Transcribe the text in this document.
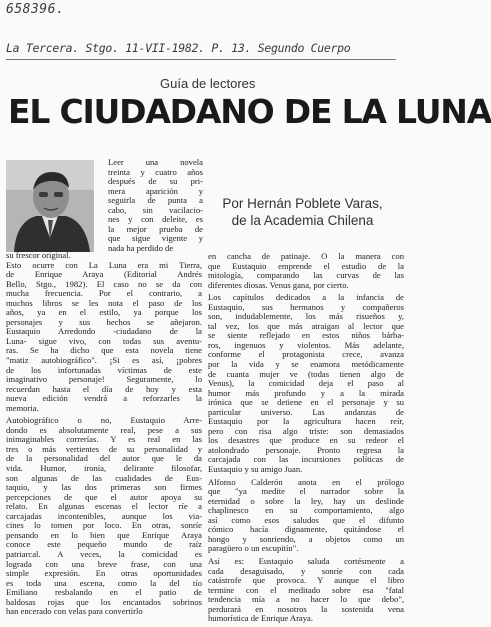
658396.
La Tercera. Stgo. 11-VII-1982. P. 13. Segundo Cuerpo
Guía de lectores
EL CIUDADANO DE LA LUNA
Por Hernán Poblete Varas,
de la Academia Chilena
Leer una novela
treinta y cuatro años
después de su pri-
mera aparición y
seguirla de punta a
cabo, sin vacilacio-
nes y con deleite, es
la mejor prueba de
que sigue vigente y
nada ha perdido de
su frescor original.
Esto ocurre con La Luna era mi Tierra,
de Enrique Araya (Editorial Andrés
Bello, Stgo., 1982). El caso no se da con
mucha frecuencia. Por el contrario, a
muchos libros se les nota el paso de los
años, ya en el estilo, ya porque los
personajes y sus hechos se añejaron.
Eustaquio Arredondo -ciudadano de la
Luna- sigue vivo, con todas sus aventu-
ras. Se ha dicho que esta novela tiene
"matiz autobiográfico". ¡Si es así, ¡pobres
de los infortunadas víctimas de este
imaginativo personaje! Seguramente, lo
recuerdan hasta el día de hoy y esta
nueva edición vendrá a reforzarles la
memoria.
Autobiográfico o no, Eustaquio Arre-
dondo es absolutamente real, pese a sus
inimaginables correrías. Y es real en las
tres o más vertientes de su personalidad y
de la personalidad del autor que le da
vida. Humor, ironía, delirante filosofar,
son algunas de las cualidades de Eus-
taquio, y las dos primeras son firmes
percepciones de que el autor apoya su
relato. En algunas escenas el lector ríe a
carcajadas incontenibles, aunque los via-
cines lo tomen por loco. En otras, sonríe
pensando en lo bien que Enrique Araya
conoce este pequeño mundo de raíz
patriarcal. A veces, la comicidad es
lograda con una breve frase, con una
simple expresión. En otras oportunidades
es toda una escena, como la del tío
Emiliano resbalando en el patio de
baldosas rojas que los encantados sobrinos
han encerado con velas para convertirlo
en cancha de patinaje. O la manera con
que Eustaquio emprende el estudio de la
mitología, comparando las curvas de las
diferentes diosas. Venus gana, por cierto.
Los capítulos dedicados a la infancia de
Eustaquio, sus hermanos y compañeros
son, indudablemente, los más risueños y,
tal vez, los que más atraigan al lector que
se siente reflejado en estos niños bárba-
ros, ingenuos y violentos. Más adelante,
conforme el protagonista crece, avanza
por la vida y se enamora metódicamente
de cuanta mujer ve (todas tienen algo de
Venus), la comicidad deja el paso al
humor más profundo y a la mirada
irónica que se detiene en el personaje y su
particular universo. Las andanzas de
Eustaquio por la agricultura hacen reír,
pero con risa algo triste: son demasiados
los desastres que produce en su redeor el
atolondrado personaje. Pronto regresa la
carcajada con las incursiones políticas de
Eustaquio y su amigo Juan.
Alfonso Calderón anota en el prólogo
que "ya medite el narrador sobre la
eternidad o sobre la ley, hay un deslinde
chaplinesco en su comportamiento, algo
así como esos saludos que el difunto
cómico hacía dignamente, quitándose el
hongo y sonriendo, a objetos como un
paragüero o un escupitín".
Así es: Eustaquio saluda cortésmente a
cada desaguisado, y sonríe con cada
catástrofe que provoca. Y aunque el libro
termine con el meditado sobre esa "fatal
tendencia mía a no hacer lo que debo",
perdurará en nosotros la sostenida vena
humorística de Enrique Araya.
